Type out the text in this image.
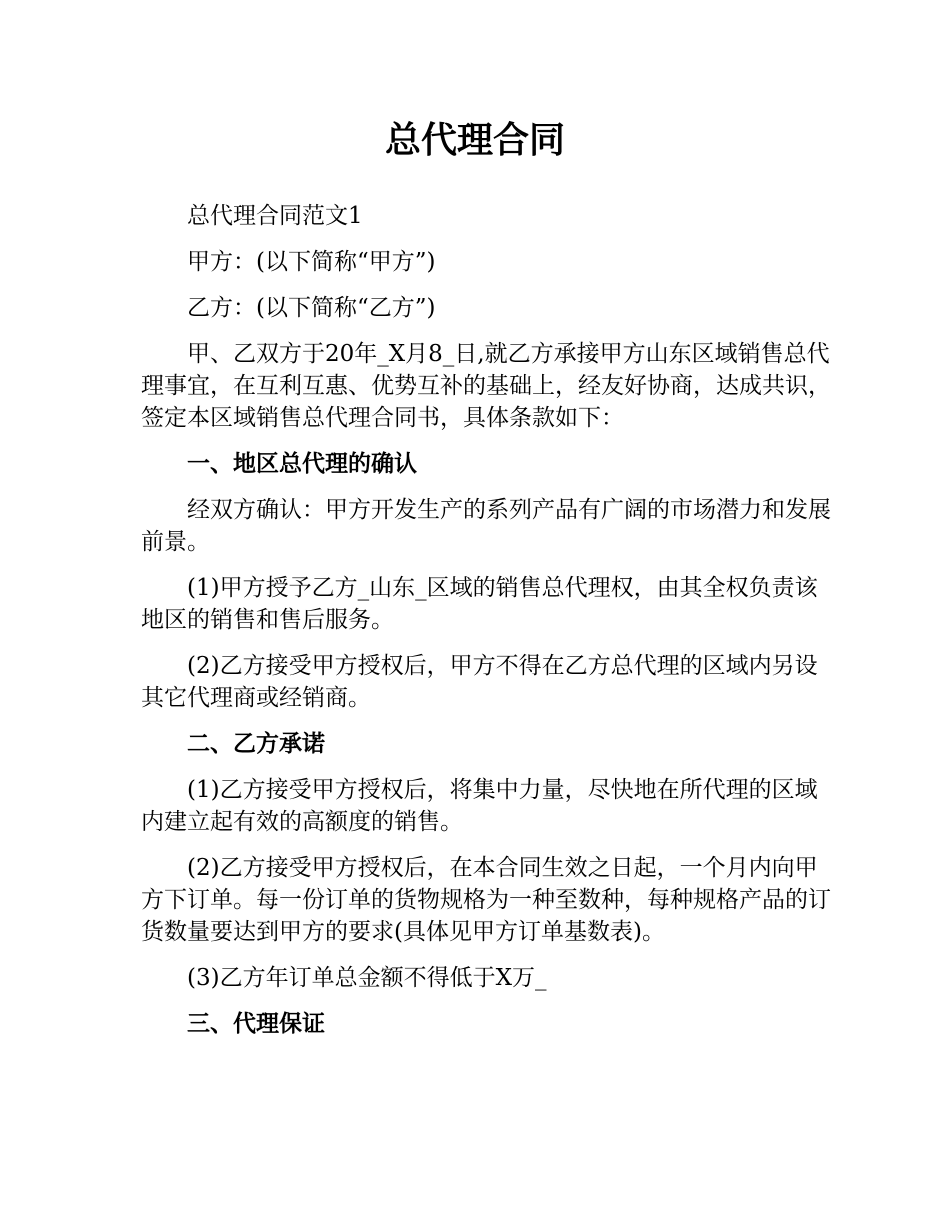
总代理合同

总代理合同范文1

甲方：(以下简称“甲方”)

乙方：(以下简称“乙方”)

甲、乙双方于20年_X月8_日,就乙方承接甲方山东区域销售总代理事宜，在互利互惠、优势互补的基础上，经友好协商，达成共识，签定本区域销售总代理合同书，具体条款如下：

一、地区总代理的确认

经双方确认：甲方开发生产的系列产品有广阔的市场潜力和发展前景。

(1)甲方授予乙方_山东_区域的销售总代理权，由其全权负责该地区的销售和售后服务。

(2)乙方接受甲方授权后，甲方不得在乙方总代理的区域内另设其它代理商或经销商。

二、乙方承诺

(1)乙方接受甲方授权后，将集中力量，尽快地在所代理的区域内建立起有效的高额度的销售。

(2)乙方接受甲方授权后，在本合同生效之日起，一个月内向甲方下订单。每一份订单的货物规格为一种至数种，每种规格产品的订货数量要达到甲方的要求(具体见甲方订单基数表)。

(3)乙方年订单总金额不得低于X万_

三、代理保证
